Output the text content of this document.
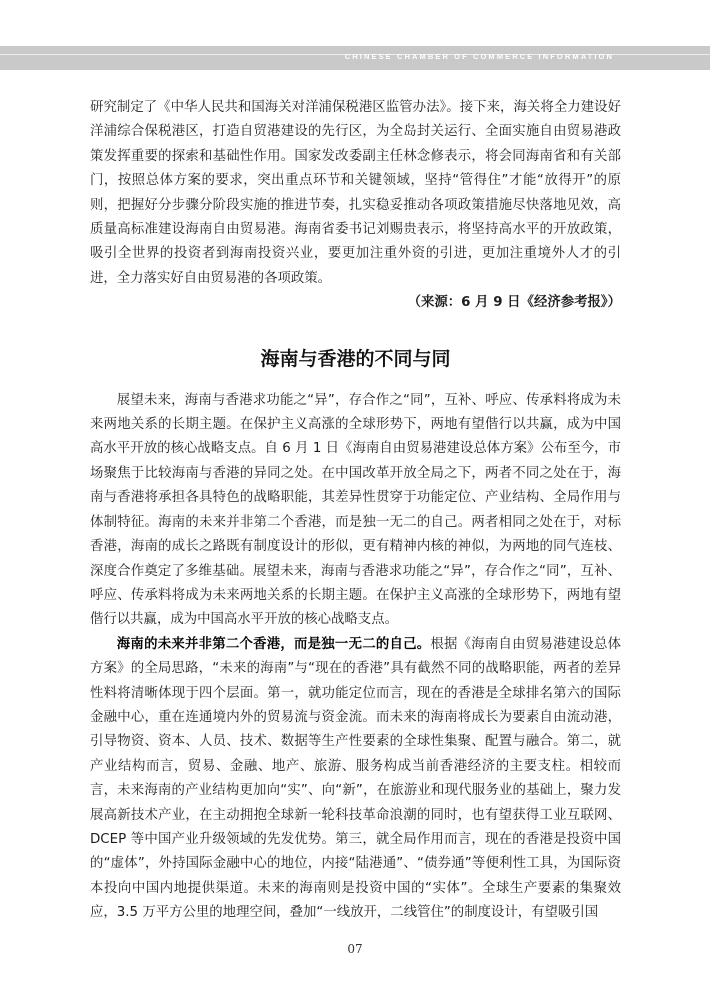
CHINESE CHAMBER OF COMMERCE INFORMATION

研究制定了《中华人民共和国海关对洋浦保税港区监管办法》。接下来，海关将全力建设好洋浦综合保税港区，打造自贸港建设的先行区，为全岛封关运行、全面实施自由贸易港政策发挥重要的探索和基础性作用。国家发改委副主任林念修表示，将会同海南省和有关部门，按照总体方案的要求，突出重点环节和关键领域，坚持“管得住”才能“放得开”的原则，把握好分步骤分阶段实施的推进节奏，扎实稳妥推动各项政策措施尽快落地见效，高质量高标准建设海南自由贸易港。海南省委书记刘赐贵表示，将坚持高水平的开放政策，吸引全世界的投资者到海南投资兴业，要更加注重外资的引进，更加注重境外人才的引进，全力落实好自由贸易港的各项政策。

（来源：6 月 9 日《经济参考报》）

海南与香港的不同与同

展望未来，海南与香港求功能之“异”，存合作之“同”，互补、呼应、传承料将成为未来两地关系的长期主题。在保护主义高涨的全球形势下，两地有望偕行以共赢，成为中国高水平开放的核心战略支点。自 6 月 1 日《海南自由贸易港建设总体方案》公布至今，市场聚焦于比较海南与香港的异同之处。在中国改革开放全局之下，两者不同之处在于，海南与香港将承担各具特色的战略职能，其差异性贯穿于功能定位、产业结构、全局作用与体制特征。海南的未来并非第二个香港，而是独一无二的自己。两者相同之处在于，对标香港，海南的成长之路既有制度设计的形似，更有精神内核的神似，为两地的同气连枝、深度合作奠定了多维基础。展望未来，海南与香港求功能之“异”，存合作之“同”，互补、呼应、传承料将成为未来两地关系的长期主题。在保护主义高涨的全球形势下，两地有望偕行以共赢，成为中国高水平开放的核心战略支点。

海南的未来并非第二个香港，而是独一无二的自己。根据《海南自由贸易港建设总体方案》的全局思路，“未来的海南”与“现在的香港”具有截然不同的战略职能，两者的差异性料将清晰体现于四个层面。第一，就功能定位而言，现在的香港是全球排名第六的国际金融中心，重在连通境内外的贸易流与资金流。而未来的海南将成长为要素自由流动港，引导物资、资本、人员、技术、数据等生产性要素的全球性集聚、配置与融合。第二，就产业结构而言，贸易、金融、地产、旅游、服务构成当前香港经济的主要支柱。相较而言，未来海南的产业结构更加向“实”、向“新”，在旅游业和现代服务业的基础上，聚力发展高新技术产业，在主动拥抱全球新一轮科技革命浪潮的同时，也有望获得工业互联网、DCEP 等中国产业升级领域的先发优势。第三，就全局作用而言，现在的香港是投资中国的“虚体”，外持国际金融中心的地位，内接“陆港通”、“债券通”等便利性工具，为国际资本投向中国内地提供渠道。未来的海南则是投资中国的“实体”。全球生产要素的集聚效应，3.5 万平方公里的地理空间，叠加“一线放开，二线管住”的制度设计，有望吸引国

07
